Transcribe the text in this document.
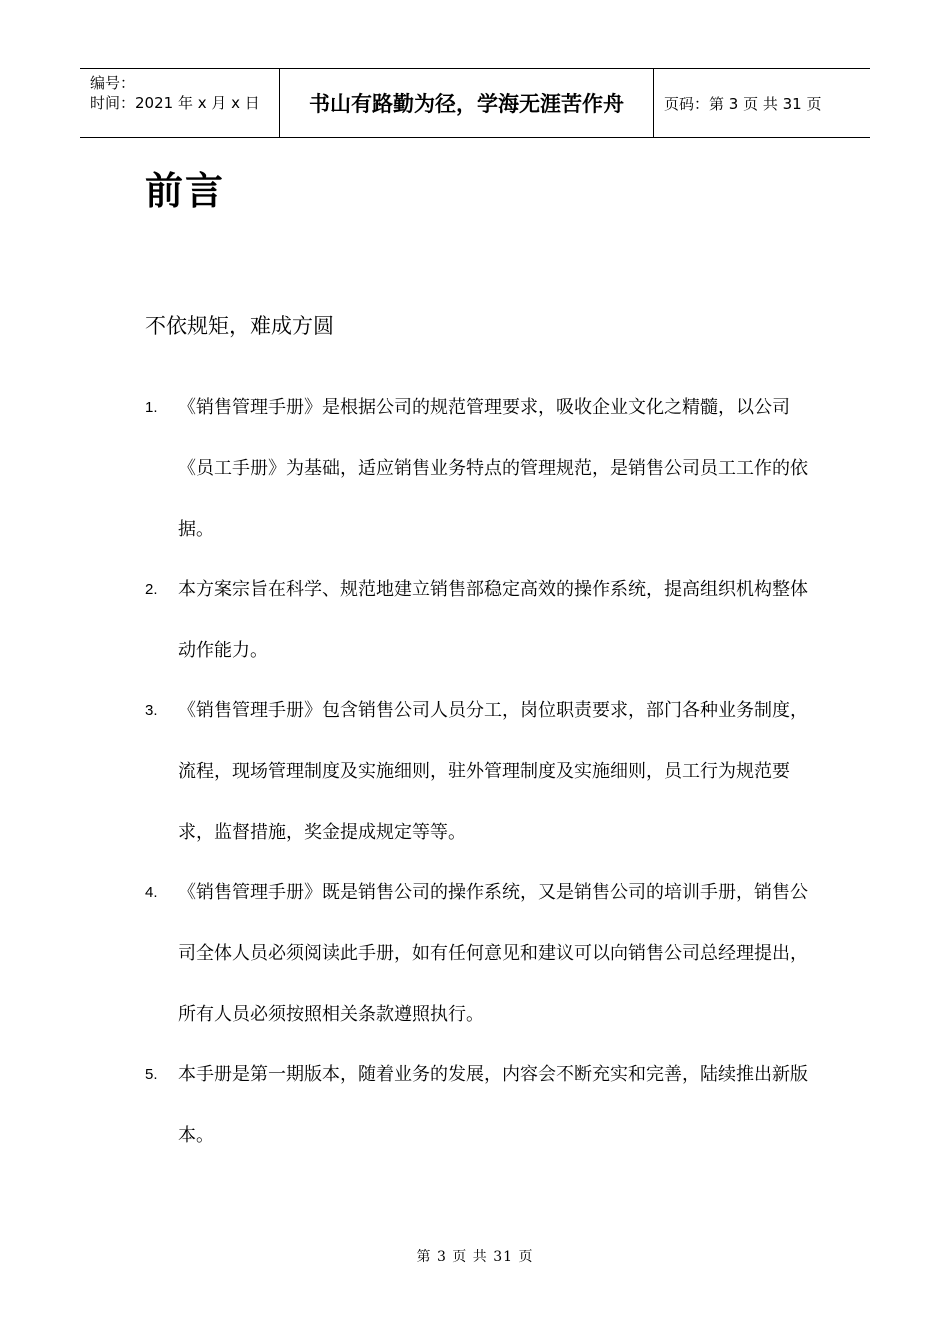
编号：
时间：2021 年 x 月 x 日	书山有路勤为径，学海无涯苦作舟	页码：第 3 页 共 31 页
前言

不依规矩，难成方圆

1. 《销售管理手册》是根据公司的规范管理要求，吸收企业文化之精髓，以公司《员工手册》为基础，适应销售业务特点的管理规范，是销售公司员工工作的依据。
2. 本方案宗旨在科学、规范地建立销售部稳定高效的操作系统，提高组织机构整体动作能力。
3. 《销售管理手册》包含销售公司人员分工，岗位职责要求，部门各种业务制度，流程，现场管理制度及实施细则，驻外管理制度及实施细则，员工行为规范要求，监督措施，奖金提成规定等等。
4. 《销售管理手册》既是销售公司的操作系统，又是销售公司的培训手册，销售公司全体人员必须阅读此手册，如有任何意见和建议可以向销售公司总经理提出，所有人员必须按照相关条款遵照执行。
5. 本手册是第一期版本，随着业务的发展，内容会不断充实和完善，陆续推出新版本。
第 3 页 共 31 页
